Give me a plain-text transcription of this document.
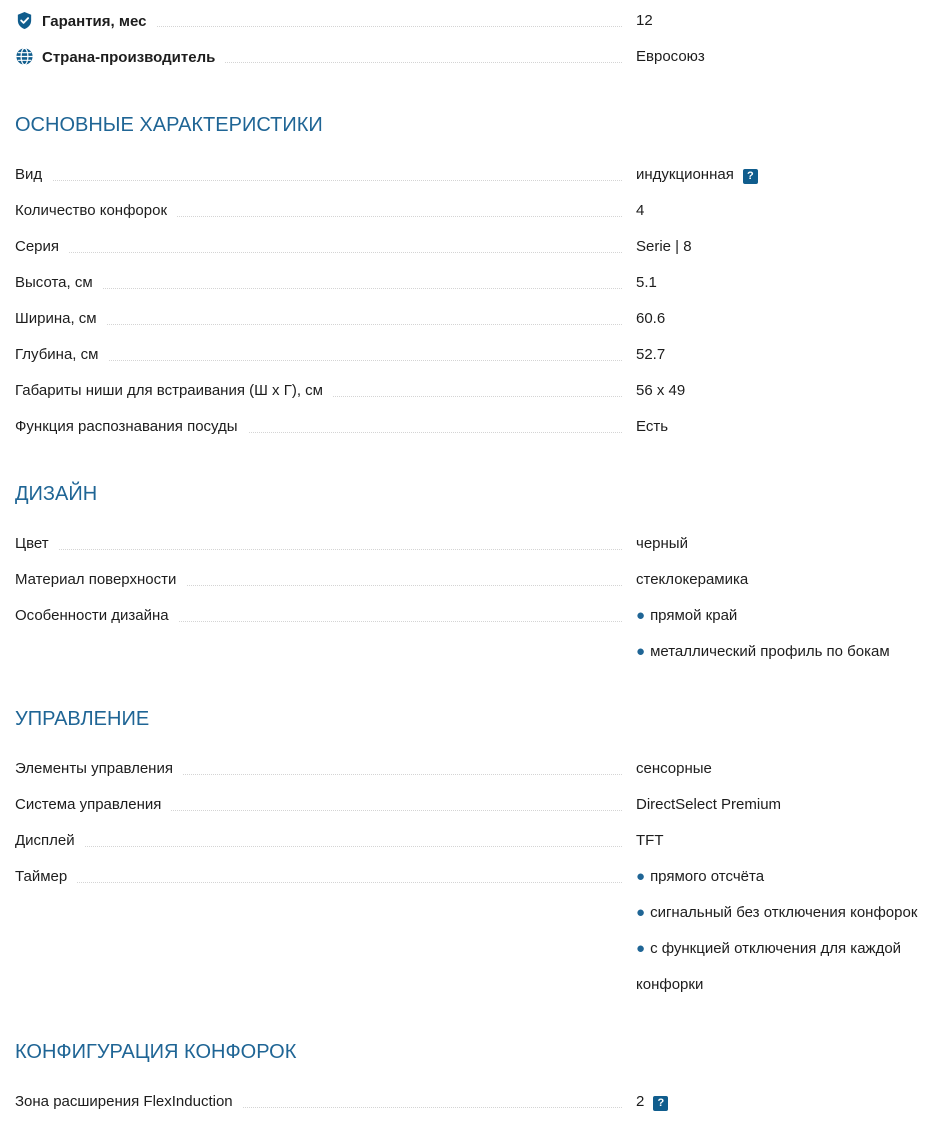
Гарантия, мес	12
Страна-производитель	Евросоюз
ОСНОВНЫЕ ХАРАКТЕРИСТИКИ
Вид	индукционная ?
Количество конфорок	4
Серия	Serie | 8
Высота, см	5.1
Ширина, см	60.6
Глубина, см	52.7
Габариты ниши для встраивания (Ш х Г), см	56 x 49
Функция распознавания посуды	Есть
ДИЗАЙН
Цвет	черный
Материал поверхности	стеклокерамика
Особенности дизайна	● прямой край
● металлический профиль по бокам
УПРАВЛЕНИЕ
Элементы управления	сенсорные
Система управления	DirectSelect Premium
Дисплей	TFT
Таймер	● прямого отсчёта
● сигнальный без отключения конфорок
● с функцией отключения для каждой
конфорки
КОНФИГУРАЦИЯ КОНФОРОК
Зона расширения FlexInduction	2 ?
